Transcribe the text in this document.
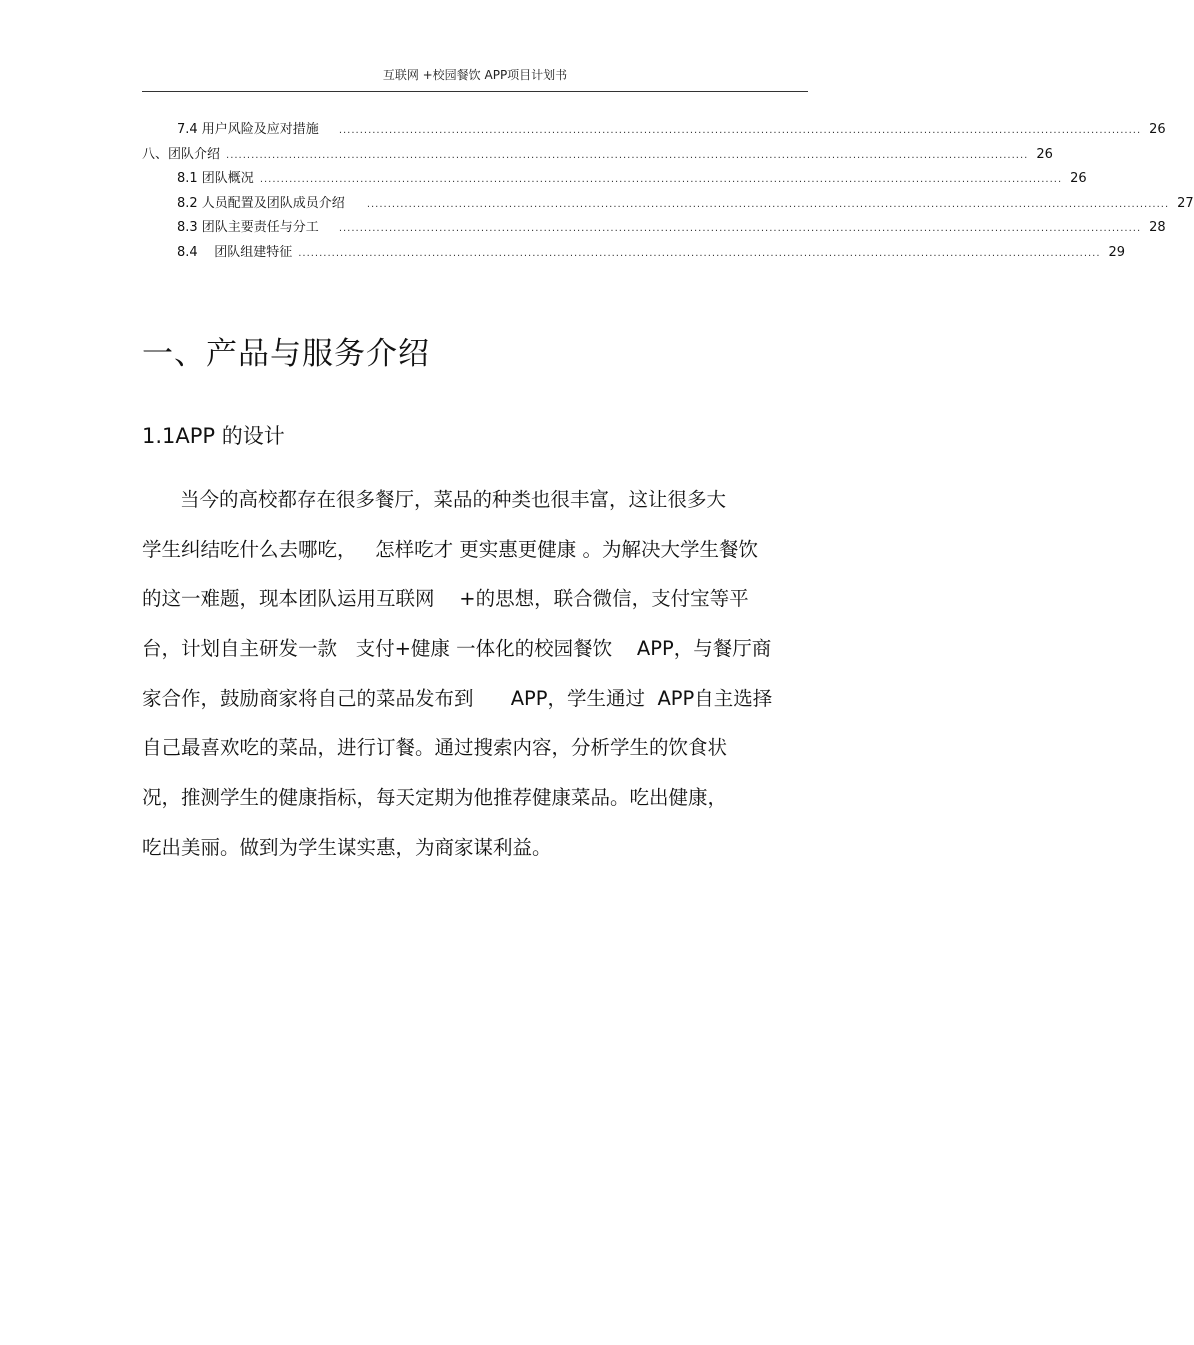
互联网 +校园餐饮 APP项目计划书
7.4 用户风险及应对措施 ................................................................................................................................................................................................ 26
八、团队介绍 ................................................................................................................................................................................................ 26
8.1 团队概况 ................................................................................................................................................................................................ 26
8.2 人员配置及团队成员介绍 ................................................................................................................................................................................................ 27
8.3 团队主要责任与分工 ................................................................................................................................................................................................ 28
8.4    团队组建特征 ................................................................................................................................................................................................ 29
一、产品与服务介绍
1.1APP 的设计
当今的高校都存在很多餐厅，菜品的种类也很丰富，这让很多大
学生纠结吃什么去哪吃，   怎样吃才 更实惠更健康 。为解决大学生餐饮
的这一难题，现本团队运用互联网    +的思想，联合微信，支付宝等平
台，计划自主研发一款   支付+健康 一体化的校园餐饮    APP，与餐厅商
家合作，鼓励商家将自己的菜品发布到      APP，学生通过  APP自主选择
自己最喜欢吃的菜品，进行订餐。通过搜索内容，分析学生的饮食状
况，推测学生的健康指标，每天定期为他推荐健康菜品。吃出健康，
吃出美丽。做到为学生谋实惠，为商家谋利益。
